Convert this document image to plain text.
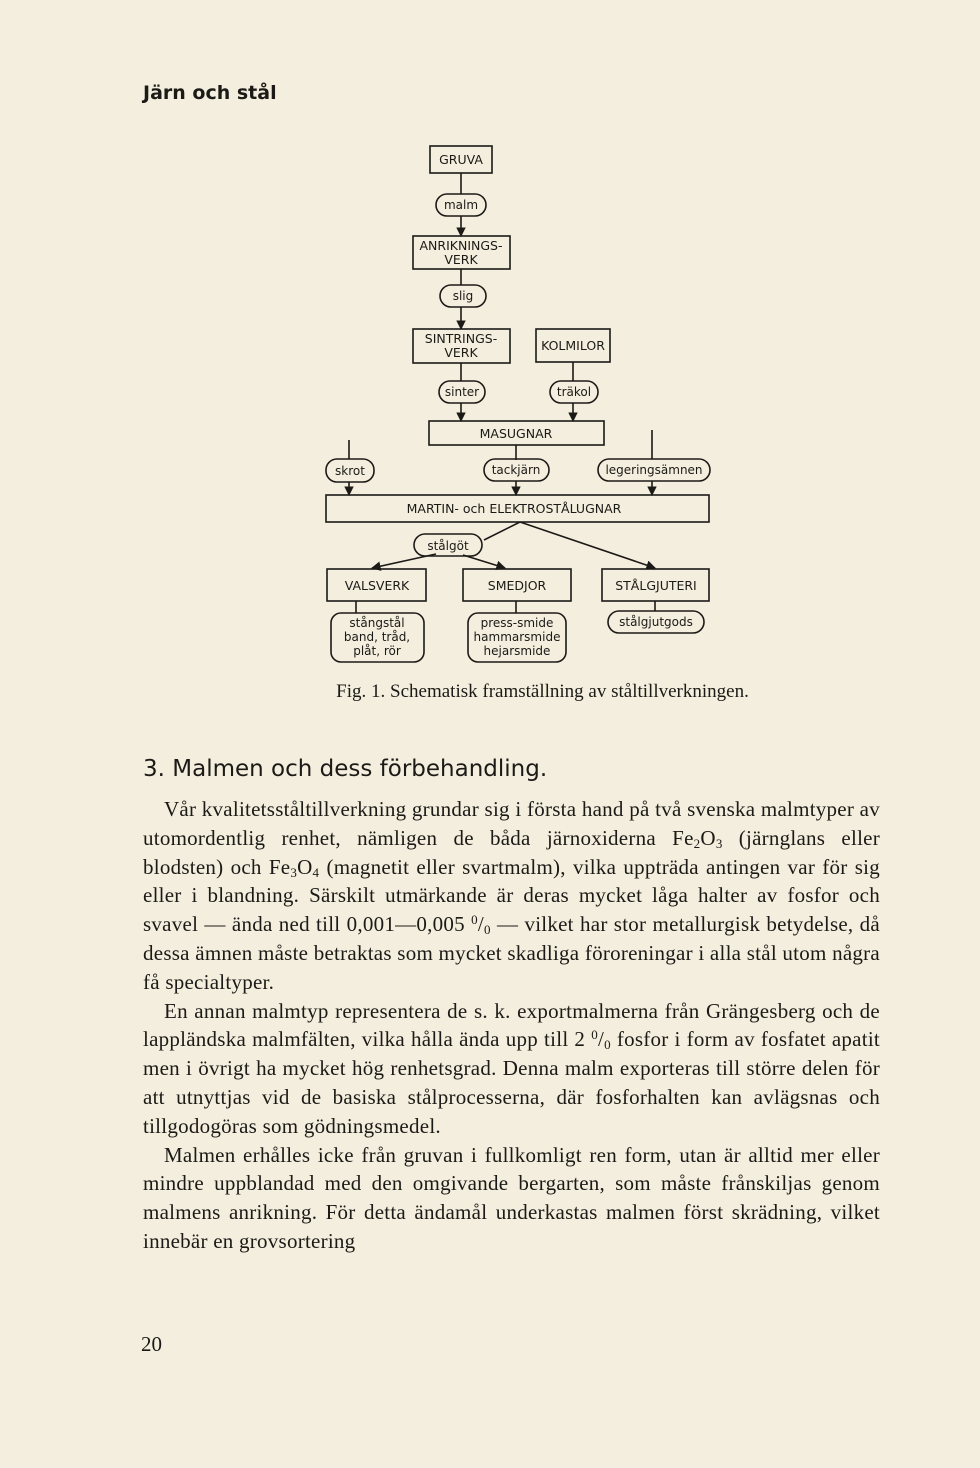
Järn och stål
GRUVA
malm
ANRIKNINGS-
VERK
slig
SINTRINGS-
VERK	KOLMILOR
sinter	träkol
MASUGNAR
skrot	tackjärn	legeringsämnen
MARTIN- och ELEKTROSTÅLUGNAR
stålgöt
VALSVERK	SMEDJOR	STÅLGJUTERI
stångstål
band, tråd,
plåt, rör
press-smide
hammarsmide
hejarsmide
stålgjutgods
Fig. 1. Schematisk framställning av ståltillverkningen.
3. Malmen och dess förbehandling.

Vår kvalitetsståltillverkning grundar sig i första hand på två svenska malmtyper av utomordentlig renhet, nämligen de båda järnoxiderna $Fe_2O_3$ (järnglans eller blodsten) och $Fe_3O_4$ (magnetit eller svartmalm), vilka uppträda antingen var för sig eller i blandning. Särskilt utmärkande är deras mycket låga halter av fosfor och svavel — ända ned till 0,001—0,005 $^0/_0$ — vilket har stor metallurgisk betydelse, då dessa ämnen måste betraktas som mycket skadliga föroreningar i alla stål utom några få specialtyper.

En annan malmtyp representera de s. k. exportmalmerna från Grängesberg och de lappländska malmfälten, vilka hålla ända upp till 2 $^0/_0$ fosfor i form av fosfatet apatit men i övrigt ha mycket hög renhetsgrad. Denna malm exporteras till större delen för att utnyttjas vid de basiska stålprocesserna, där fosforhalten kan avlägsnas och tillgodogöras som gödningsmedel.

Malmen erhålles icke från gruvan i fullkomligt ren form, utan är alltid mer eller mindre uppblandad med den omgivande bergarten, som måste frånskiljas genom malmens anrikning. För detta ändamål underkastas malmen först skrädning, vilket innebär en grovsortering

20
